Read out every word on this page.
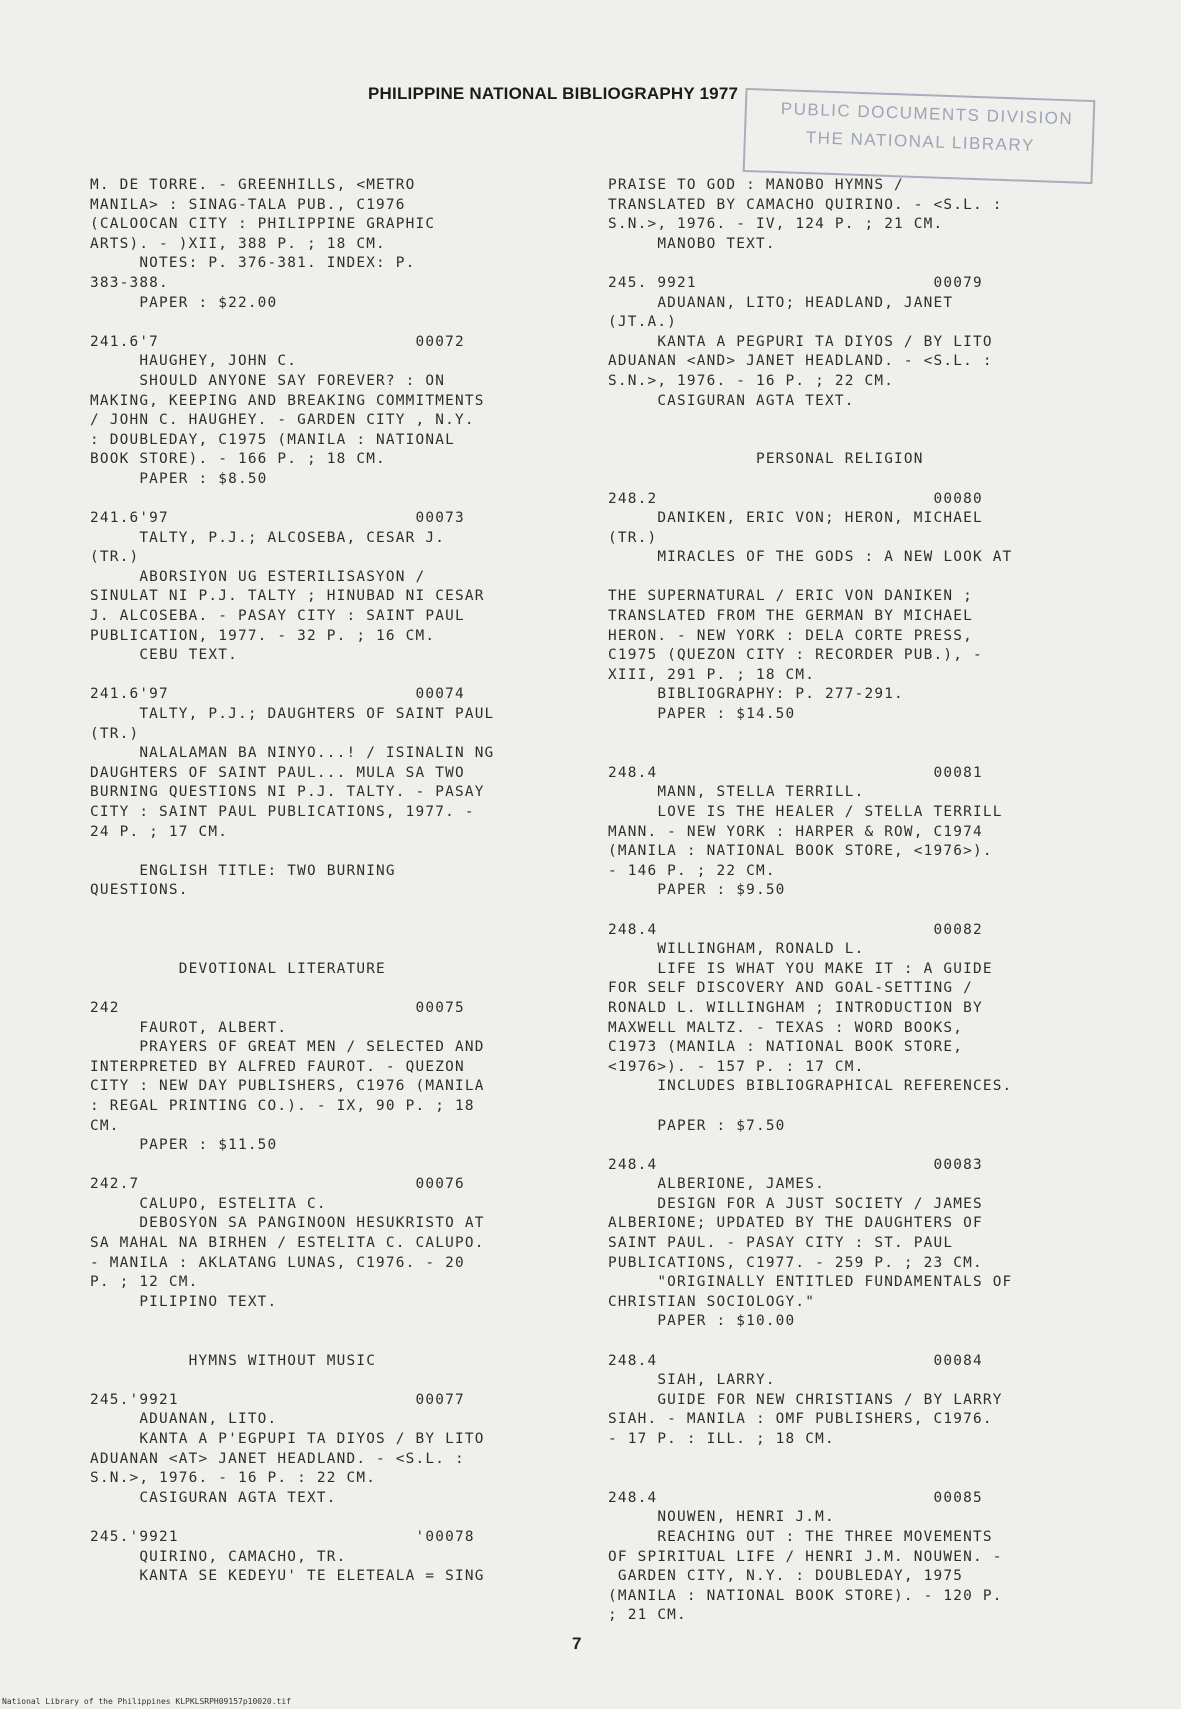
PHILIPPINE NATIONAL BIBLIOGRAPHY 1977
PUBLIC DOCUMENTS DIVISION
THE NATIONAL LIBRARY
M. DE TORRE. - GREENHILLS, <METRO
MANILA> : SINAG-TALA PUB., C1976
(CALOOCAN CITY : PHILIPPINE GRAPHIC
ARTS). - )XII, 388 P. ; 18 CM.
NOTES: P. 376-381. INDEX: P.
383-388.
PAPER : $22.00
241.6'7                          00072
HAUGHEY, JOHN C.
SHOULD ANYONE SAY FOREVER? : ON
MAKING, KEEPING AND BREAKING COMMITMENTS
/ JOHN C. HAUGHEY. - GARDEN CITY , N.Y.
: DOUBLEDAY, C1975 (MANILA : NATIONAL
BOOK STORE). - 166 P. ; 18 CM.
PAPER : $8.50
241.6'97                         00073
TALTY, P.J.; ALCOSEBA, CESAR J.
(TR.)
ABORSIYON UG ESTERILISASYON /
SINULAT NI P.J. TALTY ; HINUBAD NI CESAR
J. ALCOSEBA. - PASAY CITY : SAINT PAUL
PUBLICATION, 1977. - 32 P. ; 16 CM.
CEBU TEXT.
241.6'97                         00074
TALTY, P.J.; DAUGHTERS OF SAINT PAUL
(TR.)
NALALAMAN BA NINYO...! / ISINALIN NG
DAUGHTERS OF SAINT PAUL... MULA SA TWO
BURNING QUESTIONS NI P.J. TALTY. - PASAY
CITY : SAINT PAUL PUBLICATIONS, 1977. -
24 P. ; 17 CM.
ENGLISH TITLE: TWO BURNING
QUESTIONS.
DEVOTIONAL LITERATURE
242                              00075
FAUROT, ALBERT.
PRAYERS OF GREAT MEN / SELECTED AND
INTERPRETED BY ALFRED FAUROT. - QUEZON
CITY : NEW DAY PUBLISHERS, C1976 (MANILA
: REGAL PRINTING CO.). - IX, 90 P. ; 18
CM.
PAPER : $11.50
242.7                            00076
CALUPO, ESTELITA C.
DEBOSYON SA PANGINOON HESUKRISTO AT
SA MAHAL NA BIRHEN / ESTELITA C. CALUPO.
- MANILA : AKLATANG LUNAS, C1976. - 20
P. ; 12 CM.
PILIPINO TEXT.
HYMNS WITHOUT MUSIC
245.'9921                        00077
ADUANAN, LITO.
KANTA A P'EGPUPI TA DIYOS / BY LITO
ADUANAN <AT> JANET HEADLAND. - <S.L. :
S.N.>, 1976. - 16 P. : 22 CM.
CASIGURAN AGTA TEXT.
245.'9921                        '00078
QUIRINO, CAMACHO, TR.
KANTA SE KEDEYU' TE ELETEALA = SING
PRAISE TO GOD : MANOBO HYMNS /
TRANSLATED BY CAMACHO QUIRINO. - <S.L. :
S.N.>, 1976. - IV, 124 P. ; 21 CM.
MANOBO TEXT.
245. 9921                        00079
ADUANAN, LITO; HEADLAND, JANET
(JT.A.)
KANTA A PEGPURI TA DIYOS / BY LITO
ADUANAN <AND> JANET HEADLAND. - <S.L. :
S.N.>, 1976. - 16 P. ; 22 CM.
CASIGURAN AGTA TEXT.
PERSONAL RELIGION
248.2                            00080
DANIKEN, ERIC VON; HERON, MICHAEL
(TR.)
MIRACLES OF THE GODS : A NEW LOOK AT
THE SUPERNATURAL / ERIC VON DANIKEN ;
TRANSLATED FROM THE GERMAN BY MICHAEL
HERON. - NEW YORK : DELA CORTE PRESS,
C1975 (QUEZON CITY : RECORDER PUB.), -
XIII, 291 P. ; 18 CM.
BIBLIOGRAPHY: P. 277-291.
PAPER : $14.50
248.4                            00081
MANN, STELLA TERRILL.
LOVE IS THE HEALER / STELLA TERRILL
MANN. - NEW YORK : HARPER & ROW, C1974
(MANILA : NATIONAL BOOK STORE, <1976>).
- 146 P. ; 22 CM.
PAPER : $9.50
248.4                            00082
WILLINGHAM, RONALD L.
LIFE IS WHAT YOU MAKE IT : A GUIDE
FOR SELF DISCOVERY AND GOAL-SETTING /
RONALD L. WILLINGHAM ; INTRODUCTION BY
MAXWELL MALTZ. - TEXAS : WORD BOOKS,
C1973 (MANILA : NATIONAL BOOK STORE,
<1976>). - 157 P. : 17 CM.
INCLUDES BIBLIOGRAPHICAL REFERENCES.
PAPER : $7.50
248.4                            00083
ALBERIONE, JAMES.
DESIGN FOR A JUST SOCIETY / JAMES
ALBERIONE; UPDATED BY THE DAUGHTERS OF
SAINT PAUL. - PASAY CITY : ST. PAUL
PUBLICATIONS, C1977. - 259 P. ; 23 CM.
"ORIGINALLY ENTITLED FUNDAMENTALS OF
CHRISTIAN SOCIOLOGY."
PAPER : $10.00
248.4                            00084
SIAH, LARRY.
GUIDE FOR NEW CHRISTIANS / BY LARRY
SIAH. - MANILA : OMF PUBLISHERS, C1976.
- 17 P. : ILL. ; 18 CM.
248.4                            00085
NOUWEN, HENRI J.M.
REACHING OUT : THE THREE MOVEMENTS
OF SPIRITUAL LIFE / HENRI J.M. NOUWEN. -
GARDEN CITY, N.Y. : DOUBLEDAY, 1975
(MANILA : NATIONAL BOOK STORE). - 120 P.
; 21 CM.
7
National Library of the Philippines KLPKLSRPH09157p10020.tif
